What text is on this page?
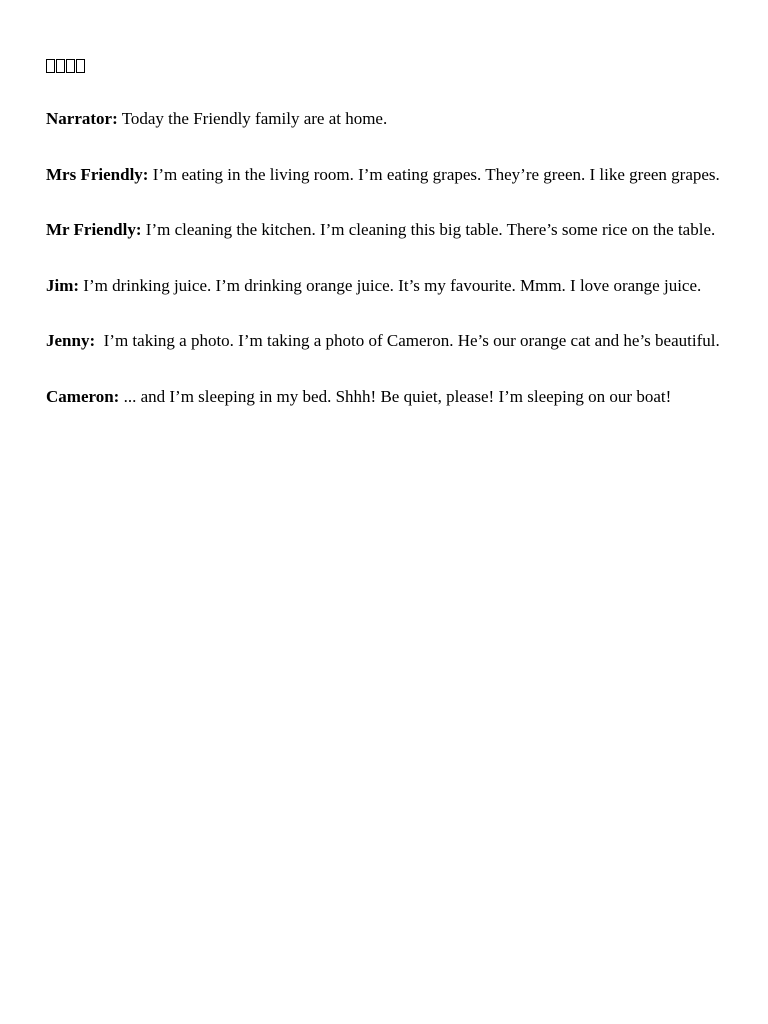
Narrator: Today the Friendly family are at home.

Mrs Friendly: I’m eating in the living room. I’m eating grapes. They’re green. I like green grapes.

Mr Friendly: I’m cleaning the kitchen. I’m cleaning this big table. There’s some rice on the table.

Jim: I’m drinking juice. I’m drinking orange juice. It’s my favourite. Mmm. I love orange juice.

Jenny:  I’m taking a photo. I’m taking a photo of Cameron. He’s our orange cat and he’s beautiful.

Cameron: ... and I’m sleeping in my bed. Shhh! Be quiet, please! I’m sleeping on our boat!
